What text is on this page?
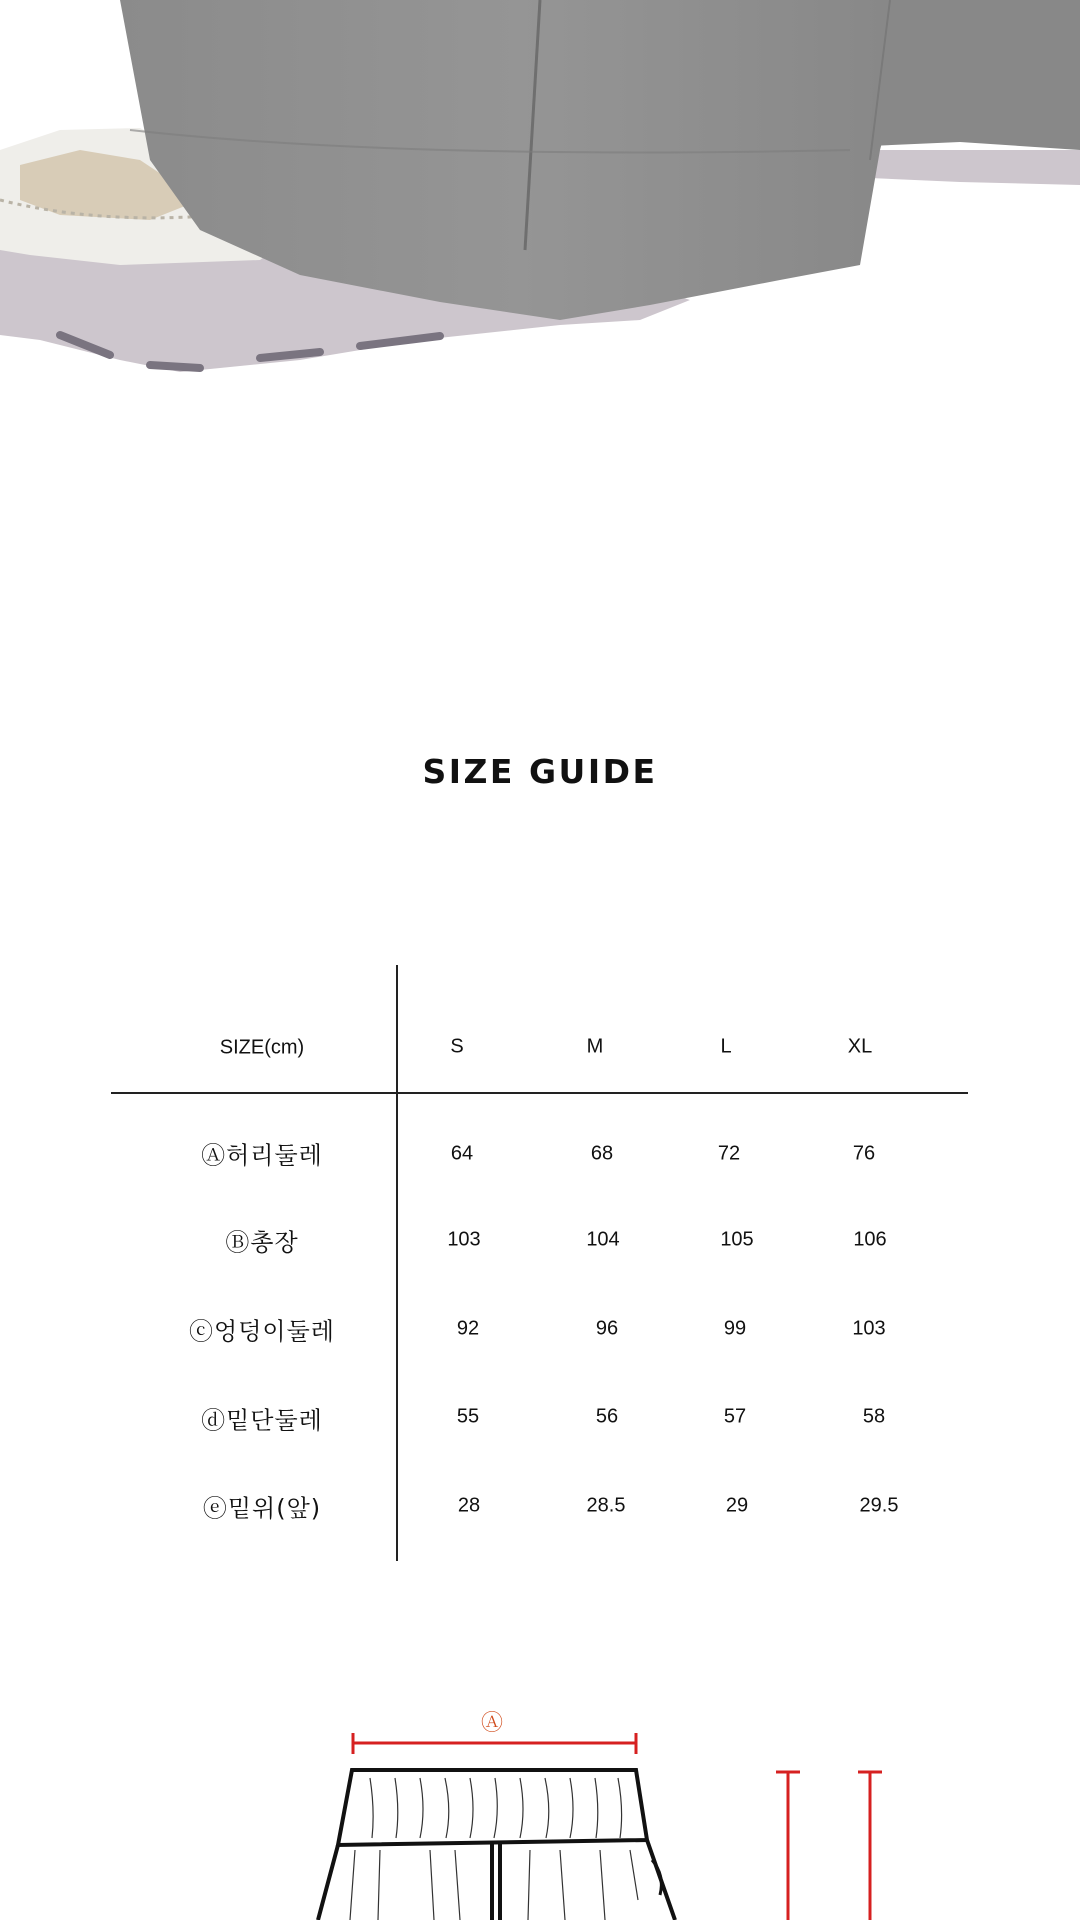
SIZE GUIDE
SIZE(cm)	S	M	L	XL
Ⓐ허리둘레	64	68	72	76
Ⓑ총장	103	104	105	106
ⓒ엉덩이둘레	92	96	99	103
ⓓ밑단둘레	55	56	57	58
ⓔ밑위(앞)	28	28.5	29	29.5
Ⓐ
